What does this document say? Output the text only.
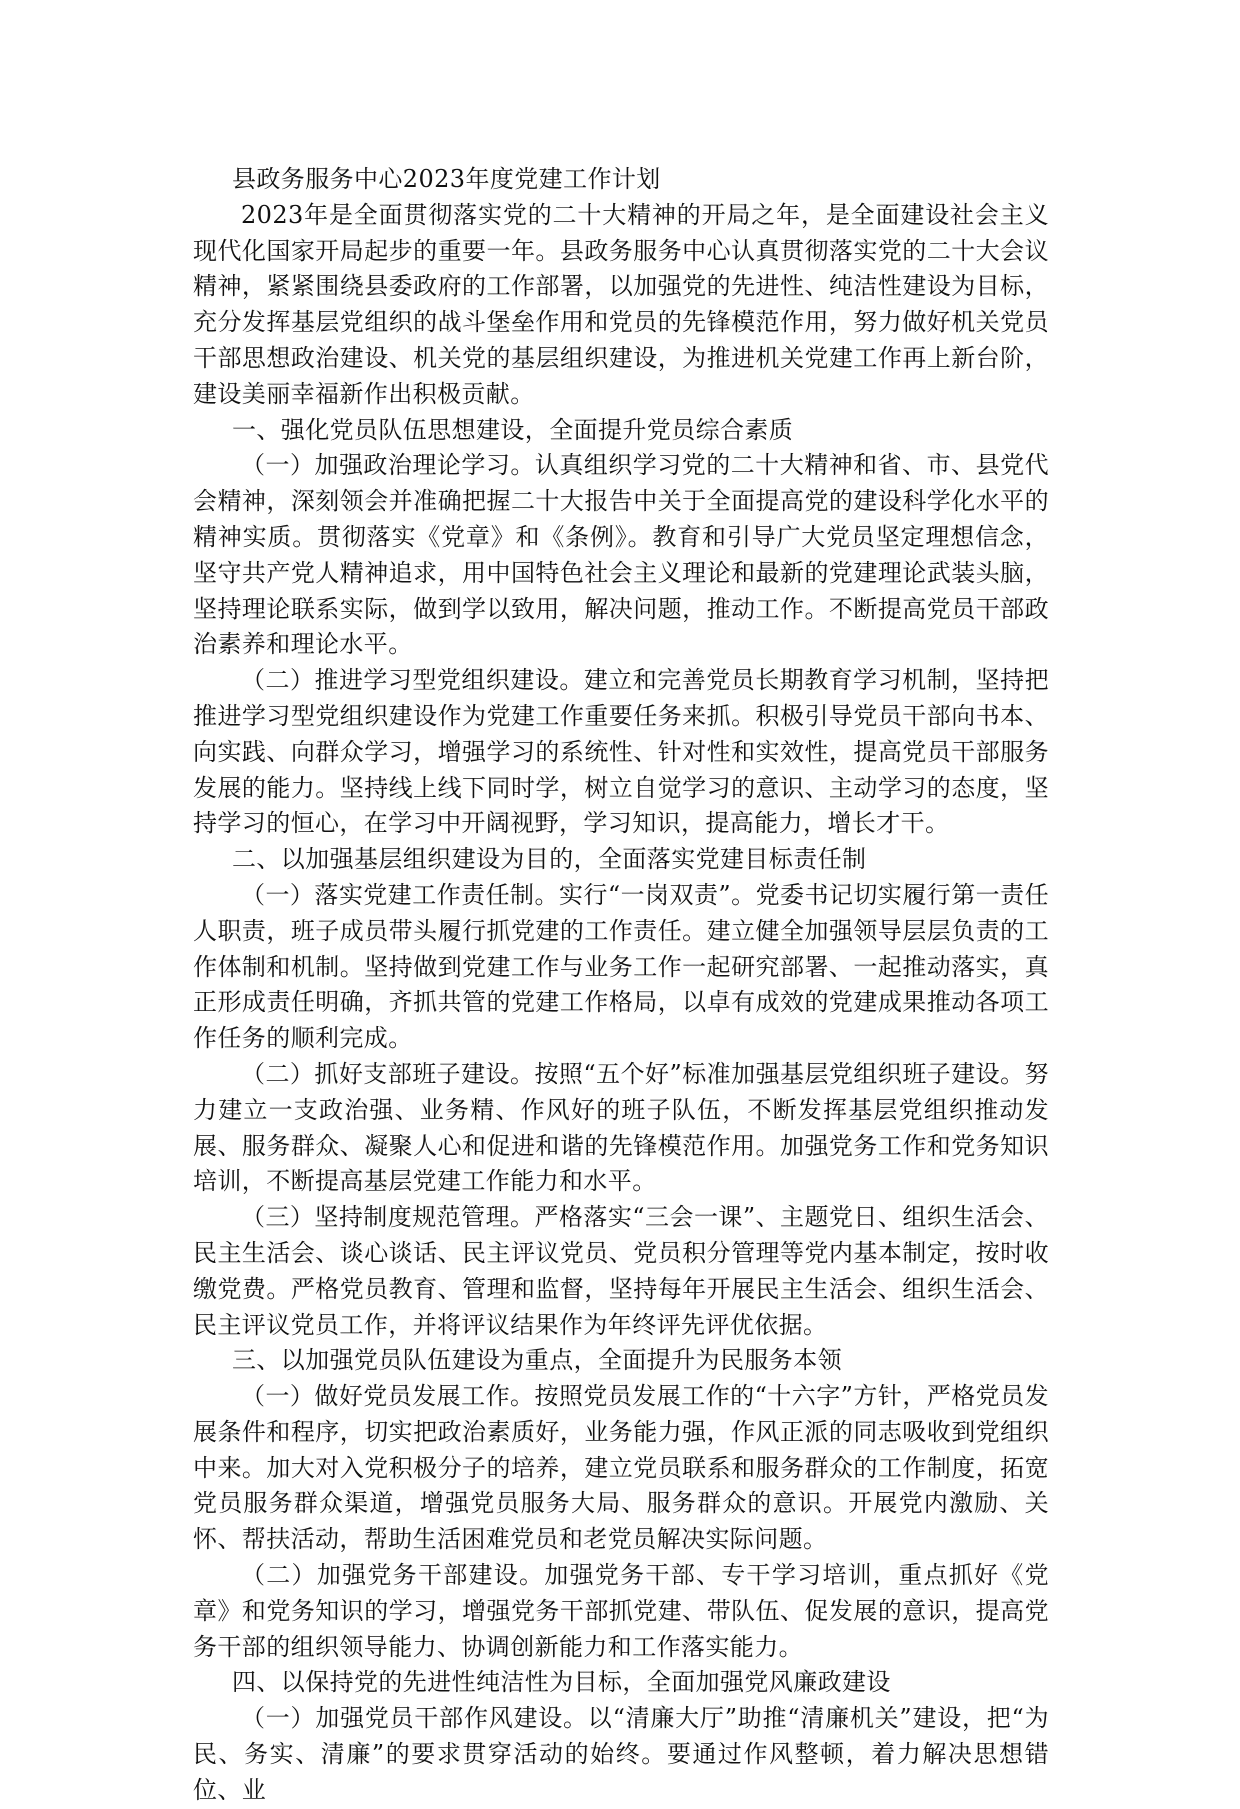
县政务服务中心2023年度党建工作计划

2023年是全面贯彻落实党的二十大精神的开局之年，是全面建设社会主义现代化国家开局起步的重要一年。县政务服务中心认真贯彻落实党的二十大会议精神，紧紧围绕县委政府的工作部署，以加强党的先进性、纯洁性建设为目标，充分发挥基层党组织的战斗堡垒作用和党员的先锋模范作用，努力做好机关党员干部思想政治建设、机关党的基层组织建设，为推进机关党建工作再上新台阶，建设美丽幸福新作出积极贡献。

一、强化党员队伍思想建设，全面提升党员综合素质

（一）加强政治理论学习。认真组织学习党的二十大精神和省、市、县党代会精神，深刻领会并准确把握二十大报告中关于全面提高党的建设科学化水平的精神实质。贯彻落实《党章》和《条例》。教育和引导广大党员坚定理想信念，坚守共产党人精神追求，用中国特色社会主义理论和最新的党建理论武装头脑，坚持理论联系实际，做到学以致用，解决问题，推动工作。不断提高党员干部政治素养和理论水平。

（二）推进学习型党组织建设。建立和完善党员长期教育学习机制，坚持把推进学习型党组织建设作为党建工作重要任务来抓。积极引导党员干部向书本、向实践、向群众学习，增强学习的系统性、针对性和实效性，提高党员干部服务发展的能力。坚持线上线下同时学，树立自觉学习的意识、主动学习的态度，坚持学习的恒心，在学习中开阔视野，学习知识，提高能力，增长才干。

二、以加强基层组织建设为目的，全面落实党建目标责任制

（一）落实党建工作责任制。实行“一岗双责”。党委书记切实履行第一责任人职责，班子成员带头履行抓党建的工作责任。建立健全加强领导层层负责的工作体制和机制。坚持做到党建工作与业务工作一起研究部署、一起推动落实，真正形成责任明确，齐抓共管的党建工作格局，以卓有成效的党建成果推动各项工作任务的顺利完成。

（二）抓好支部班子建设。按照“五个好”标准加强基层党组织班子建设。努力建立一支政治强、业务精、作风好的班子队伍，不断发挥基层党组织推动发展、服务群众、凝聚人心和促进和谐的先锋模范作用。加强党务工作和党务知识培训，不断提高基层党建工作能力和水平。

（三）坚持制度规范管理。严格落实“三会一课”、主题党日、组织生活会、民主生活会、谈心谈话、民主评议党员、党员积分管理等党内基本制定，按时收缴党费。严格党员教育、管理和监督，坚持每年开展民主生活会、组织生活会、民主评议党员工作，并将评议结果作为年终评先评优依据。

三、以加强党员队伍建设为重点，全面提升为民服务本领

（一）做好党员发展工作。按照党员发展工作的“十六字”方针，严格党员发展条件和程序，切实把政治素质好，业务能力强，作风正派的同志吸收到党组织中来。加大对入党积极分子的培养，建立党员联系和服务群众的工作制度，拓宽党员服务群众渠道，增强党员服务大局、服务群众的意识。开展党内激励、关怀、帮扶活动，帮助生活困难党员和老党员解决实际问题。

（二）加强党务干部建设。加强党务干部、专干学习培训，重点抓好《党章》和党务知识的学习，增强党务干部抓党建、带队伍、促发展的意识，提高党务干部的组织领导能力、协调创新能力和工作落实能力。

四、以保持党的先进性纯洁性为目标，全面加强党风廉政建设

（一）加强党员干部作风建设。以“清廉大厅”助推“清廉机关”建设，把“为民、务实、清廉”的要求贯穿活动的始终。要通过作风整顿，着力解决思想错位、业
